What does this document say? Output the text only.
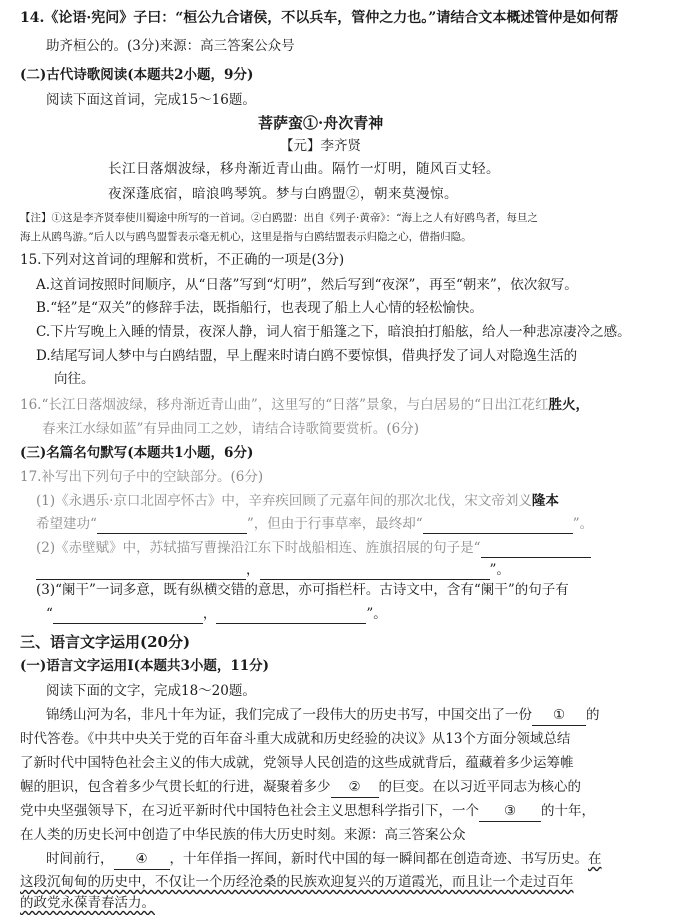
14.《论语·宪问》子曰：“桓公九合诸侯，不以兵车，管仲之力也。”请结合文本概述管仲是如何帮
助齐桓公的。(3分)来源：高三答案公众号
(二)古代诗歌阅读(本题共2小题，9分)
阅读下面这首词，完成15～16题。
菩萨蛮①·舟次青神
【元】李齐贤
长江日落烟波绿，移舟渐近青山曲。隔竹一灯明，随风百丈轻。
夜深蓬底宿，暗浪鸣琴筑。梦与白鸥盟②，朝来莫漫惊。
【注】①这是李齐贤奉使川蜀途中所写的一首词。②白鸥盟：出自《列子·黄帝》：“海上之人有好鸥鸟者，每旦之
海上从鸥鸟游。”后人以与鸥鸟盟誓表示毫无机心，这里是指与白鸥结盟表示归隐之心，借指归隐。
15.下列对这首词的理解和赏析，不正确的一项是(3分)
A.这首词按照时间顺序，从“日落”写到“灯明”，然后写到“夜深”，再至“朝来”，依次叙写。
B.“轻”是“双关”的修辞手法，既指船行，也表现了船上人心情的轻松愉快。
C.下片写晚上入睡的情景，夜深人静，词人宿于船篷之下，暗浪拍打船舷，给人一种悲凉凄冷之感。
D.结尾写词人梦中与白鸥结盟，早上醒来时请白鸥不要惊惧，借典抒发了词人对隐逸生活的
向往。
16.“长江日落烟波绿，移舟渐近青山曲”，这里写的“日落”景象，与白居易的“日出江花红胜火，
春来江水绿如蓝”有异曲同工之妙，请结合诗歌简要赏析。(6分)
(三)名篇名句默写(本题共1小题，6分)
17.补写出下列句子中的空缺部分。(6分)
(1)《永遇乐·京口北固亭怀古》中，辛弃疾回顾了元嘉年间的那次北伐，宋文帝刘义隆本
希望建功“	”，但由于行事草率，最终却“	”。
(2)《赤壁赋》中，苏轼描写曹操沿江东下时战船相连、旌旗招展的句子是“
，	”。
(3)“阑干”一词多意，既有纵横交错的意思，亦可指栏杆。古诗文中，含有“阑干”的句子有
“	，	”。
三、语言文字运用(20分)
(一)语言文字运用Ⅰ(本题共3小题，11分)
阅读下面的文字，完成18～20题。
锦绣山河为名，非凡十年为证，我们完成了一段伟大的历史书写，中国交出了一份 ① 的
时代答卷。《中共中央关于党的百年奋斗重大成就和历史经验的决议》从13个方面分领域总结
了新时代中国特色社会主义的伟大成就，党领导人民创造的这些成就背后，蕴藏着多少运筹帷
幄的胆识，包含着多少气贯长虹的行进，凝聚着多少 ② 的巨变。在以习近平同志为核心的
党中央坚强领导下，在习近平新时代中国特色社会主义思想科学指引下，一个 ③ 的十年，
在人类的历史长河中创造了中华民族的伟大历史时刻。来源：高三答案公众
时间前行， ④ ，十年佯指一挥间，新时代中国的每一瞬间都在创造奇迹、书写历史。在
这段沉甸甸的历史中，不仅让一个历经沧桑的民族欢迎复兴的万道霞光，而且让一个走过百年
的政党永葆青春活力。
